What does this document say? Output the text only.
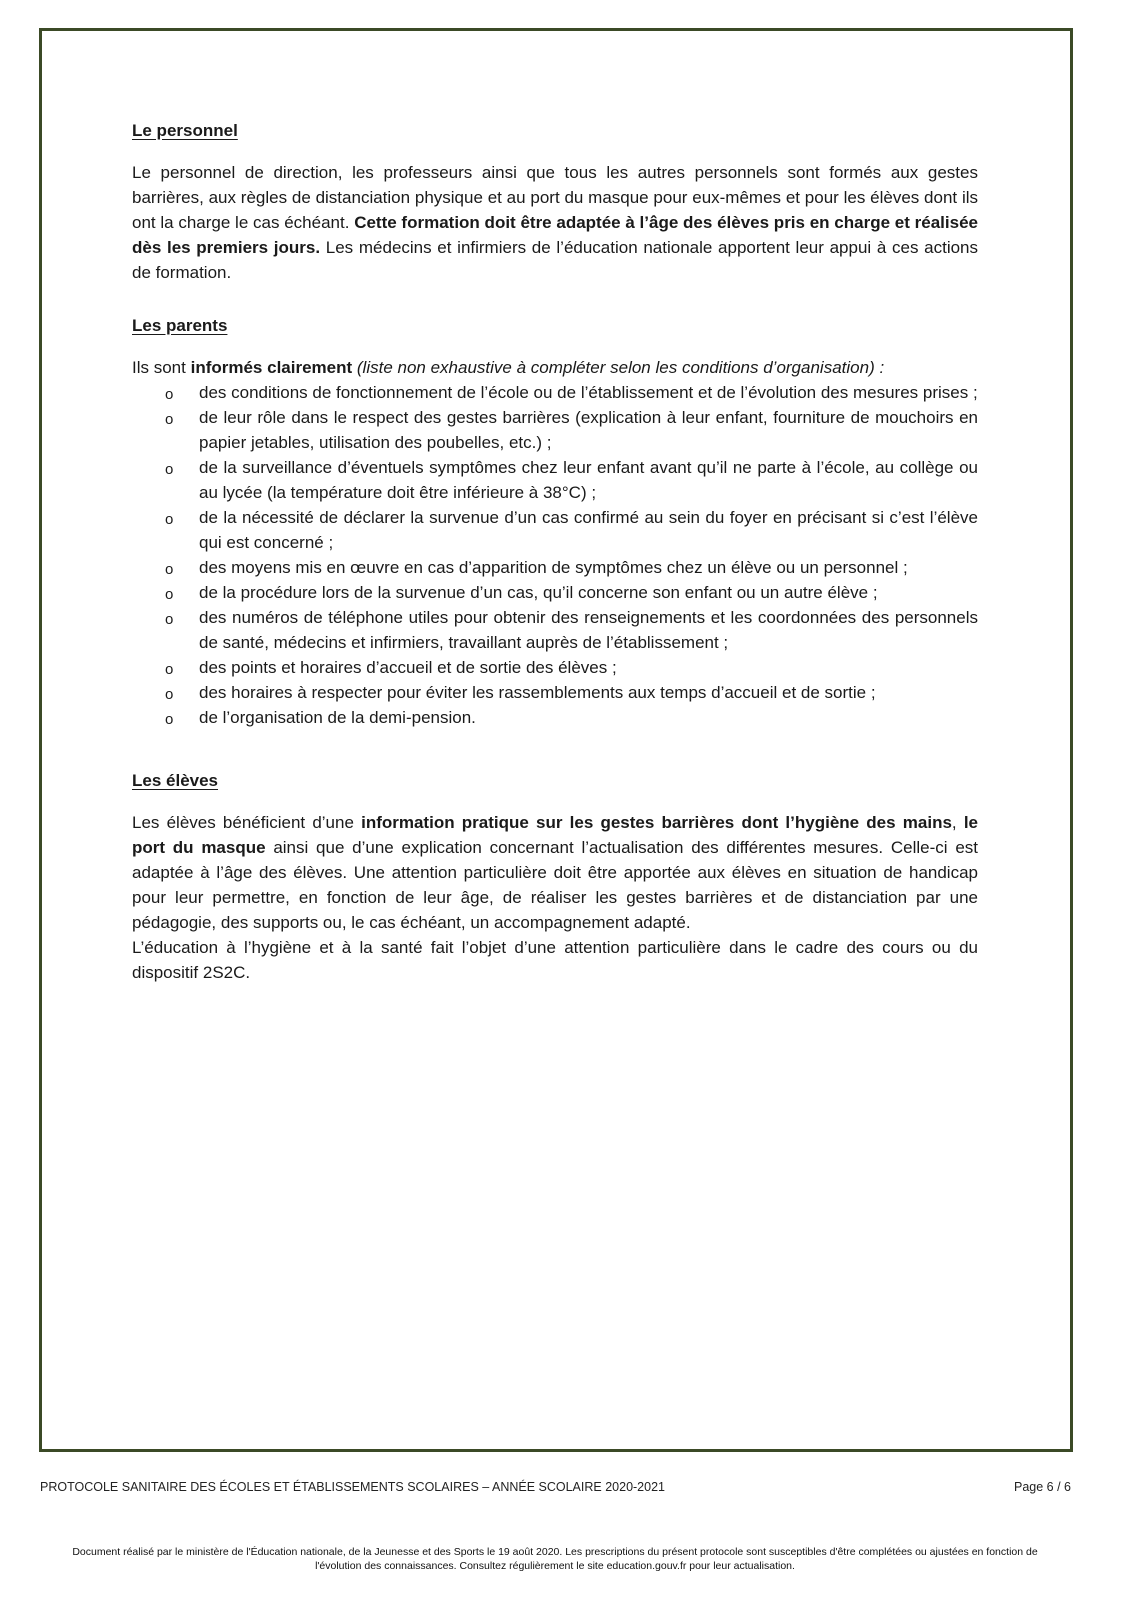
Le personnel

Le personnel de direction, les professeurs ainsi que tous les autres personnels sont formés aux gestes barrières, aux règles de distanciation physique et au port du masque pour eux-mêmes et pour les élèves dont ils ont la charge le cas échéant. Cette formation doit être adaptée à l’âge des élèves pris en charge et réalisée dès les premiers jours. Les médecins et infirmiers de l’éducation nationale apportent leur appui à ces actions de formation.

Les parents

Ils sont informés clairement (liste non exhaustive à compléter selon les conditions d’organisation) :

o des conditions de fonctionnement de l’école ou de l’établissement et de l’évolution des mesures prises ;
o de leur rôle dans le respect des gestes barrières (explication à leur enfant, fourniture de mouchoirs en papier jetables, utilisation des poubelles, etc.) ;
o de la surveillance d’éventuels symptômes chez leur enfant avant qu’il ne parte à l’école, au collège ou au lycée (la température doit être inférieure à 38°C) ;
o de la nécessité de déclarer la survenue d’un cas confirmé au sein du foyer en précisant si c’est l’élève qui est concerné ;
o des moyens mis en œuvre en cas d’apparition de symptômes chez un élève ou un personnel ;
o de la procédure lors de la survenue d’un cas, qu’il concerne son enfant ou un autre élève ;
o des numéros de téléphone utiles pour obtenir des renseignements et les coordonnées des personnels de santé, médecins et infirmiers, travaillant auprès de l’établissement ;
o des points et horaires d’accueil et de sortie des élèves ;
o des horaires à respecter pour éviter les rassemblements aux temps d’accueil et de sortie ;
o de l’organisation de la demi-pension.
Les élèves

Les élèves bénéficient d’une information pratique sur les gestes barrières dont l’hygiène des mains, le port du masque ainsi que d’une explication concernant l’actualisation des différentes mesures. Celle-ci est adaptée à l’âge des élèves. Une attention particulière doit être apportée aux élèves en situation de handicap pour leur permettre, en fonction de leur âge, de réaliser les gestes barrières et de distanciation par une pédagogie, des supports ou, le cas échéant, un accompagnement adapté.

L’éducation à l’hygiène et à la santé fait l’objet d’une attention particulière dans le cadre des cours ou du dispositif 2S2C.

PROTOCOLE SANITAIRE DES ÉCOLES ET ÉTABLISSEMENTS SCOLAIRES – ANNÉE SCOLAIRE 2020-2021	Page 6 / 6
Document réalisé par le ministère de l'Éducation nationale, de la Jeunesse et des Sports le 19 août 2020. Les prescriptions du présent protocole sont susceptibles d'être complétées ou ajustées en fonction de l'évolution des connaissances. Consultez régulièrement le site education.gouv.fr pour leur actualisation.
